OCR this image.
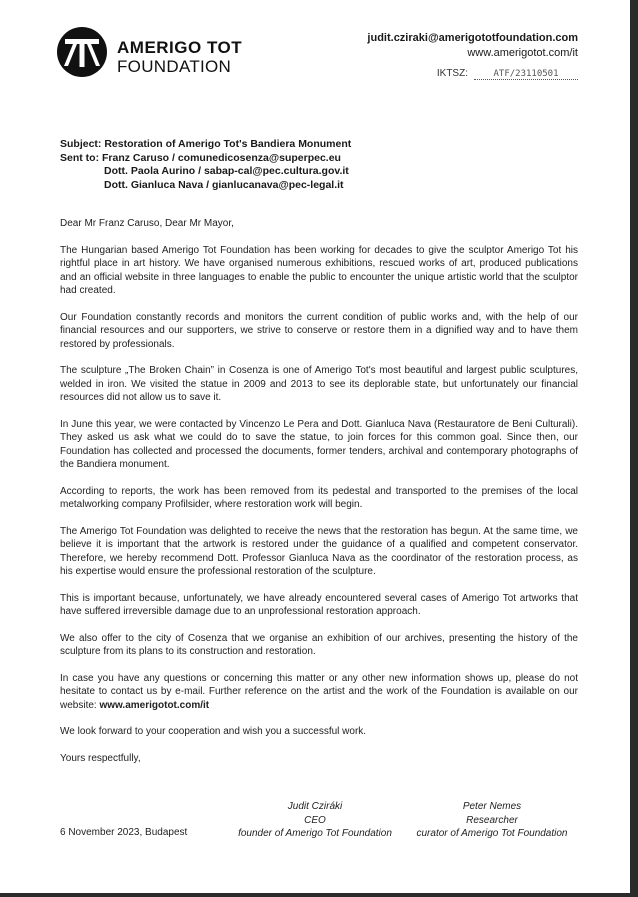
AMERIGO TOT
FOUNDATION
judit.cziraki@amerigototfoundation.com
www.amerigotot.com/it
IKTSZ:	ATF/23110501
Subject: Restoration of Amerigo Tot's Bandiera Monument
Sent to: Franz Caruso / comunedicosenza@superpec.eu
Dott. Paola Aurino / sabap-cal@pec.cultura.gov.it
Dott. Gianluca Nava / gianlucanava@pec-legal.it

Dear Mr Franz Caruso, Dear Mr Mayor,

The Hungarian based Amerigo Tot Foundation has been working for decades to give the sculptor Amerigo Tot his rightful place in art history. We have organised numerous exhibitions, rescued works of art, produced publications and an official website in three languages to enable the public to encounter the unique artistic world that the sculptor had created.

Our Foundation constantly records and monitors the current condition of public works and, with the help of our financial resources and our supporters, we strive to conserve or restore them in a dignified way and to have them restored by professionals.

The sculpture „The Broken Chain” in Cosenza is one of Amerigo Tot's most beautiful and largest public sculptures, welded in iron. We visited the statue in 2009 and 2013 to see its deplorable state, but unfortunately our financial resources did not allow us to save it.

In June this year, we were contacted by Vincenzo Le Pera and Dott. Gianluca Nava (Restauratore de Beni Culturali). They asked us ask what we could do to save the statue, to join forces for this common goal. Since then, our Foundation has collected and processed the documents, former tenders, archival and contemporary photographs of the Bandiera monument.

According to reports, the work has been removed from its pedestal and transported to the premises of the local metalworking company Profilsider, where restoration work will begin.

The Amerigo Tot Foundation was delighted to receive the news that the restoration has begun. At the same time, we believe it is important that the artwork is restored under the guidance of a qualified and competent conservator. Therefore, we hereby recommend Dott. Professor Gianluca Nava as the coordinator of the restoration process, as his expertise would ensure the professional restoration of the sculpture.

This is important because, unfortunately, we have already encountered several cases of Amerigo Tot artworks that have suffered irreversible damage due to an unprofessional restoration approach.

We also offer to the city of Cosenza that we organise an exhibition of our archives, presenting the history of the sculpture from its plans to its construction and restoration.

In case you have any questions or concerning this matter or any other new information shows up, please do not hesitate to contact us by e-mail. Further reference on the artist and the work of the Foundation is available on our website: www.amerigotot.com/it

We look forward to your cooperation and wish you a successful work.

Yours respectfully,

6 November 2023, Budapest
Judit Cziráki
CEO
founder of Amerigo Tot Foundation
Peter Nemes
Researcher
curator of Amerigo Tot Foundation
